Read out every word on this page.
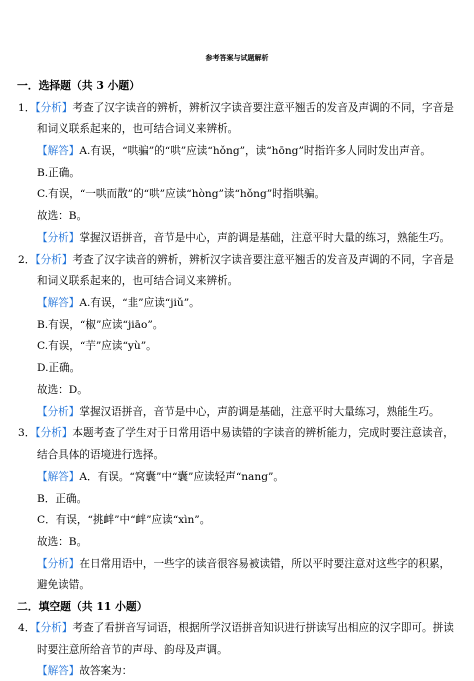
参考答案与试题解析
一．选择题（共 3 小题）
1．【分析】考查了汉字读音的辨析，辨析汉字读音要注意平翘舌的发音及声调的不同，字音是
和词义联系起来的，也可结合词义来辨析。
【解答】A.有误，“哄骗”的“哄”应读“hǒng”，读“hōng”时指许多人同时发出声音。
B.正确。
C.有误，“一哄而散”的“哄”应读“hòng”读“hǒng”时指哄骗。
故选：B。
【分析】掌握汉语拼音，音节是中心，声韵调是基础，注意平时大量的练习，熟能生巧。
2．【分析】考查了汉字读音的辨析，辨析汉字读音要注意平翘舌的发音及声调的不同，字音是
和词义联系起来的，也可结合词义来辨析。
【解答】A.有误，“韭”应读“jiǔ”。
B.有误，“椒”应读“jiāo”。
C.有误，“芋”应读“yù”。
D.正确。
故选：D。
【分析】掌握汉语拼音，音节是中心，声韵调是基础，注意平时大量练习，熟能生巧。
3．【分析】本题考查了学生对于日常用语中易读错的字读音的辨析能力，完成时要注意读音，
结合具体的语境进行选择。
【解答】A．有误。“窝囊”中“囊”应读轻声“nang”。
B．正确。
C．有误，“挑衅”中“衅”应读“xìn”。
故选：B。
【分析】在日常用语中，一些字的读音很容易被读错，所以平时要注意对这些字的积累，
避免读错。
二．填空题（共 11 小题）
4．【分析】考查了看拼音写词语，根据所学汉语拼音知识进行拼读写出相应的汉字即可。拼读
时要注意所给音节的声母、韵母及声调。
【解答】故答案为：
